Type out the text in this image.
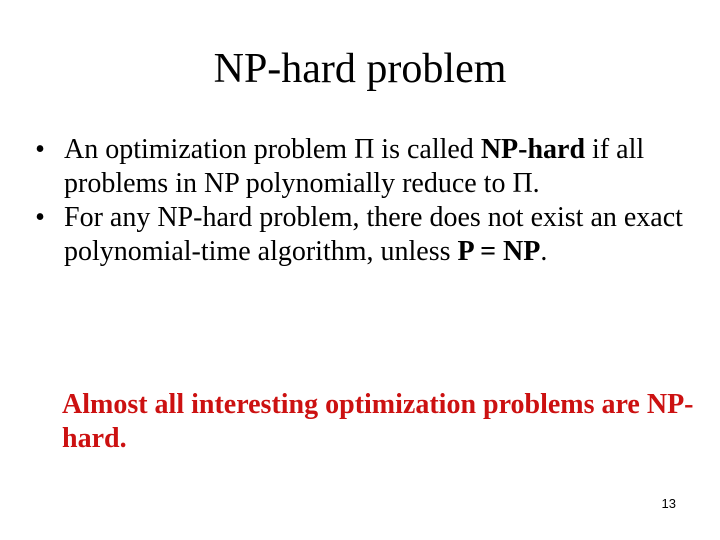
NP-hard problem
• An optimization problem Π is called NP-hard if all problems in NP polynomially reduce to Π.
• For any NP-hard problem, there does not exist an exact polynomial-time algorithm, unless P = NP.
Almost all interesting optimization problems are NP-hard.
13
